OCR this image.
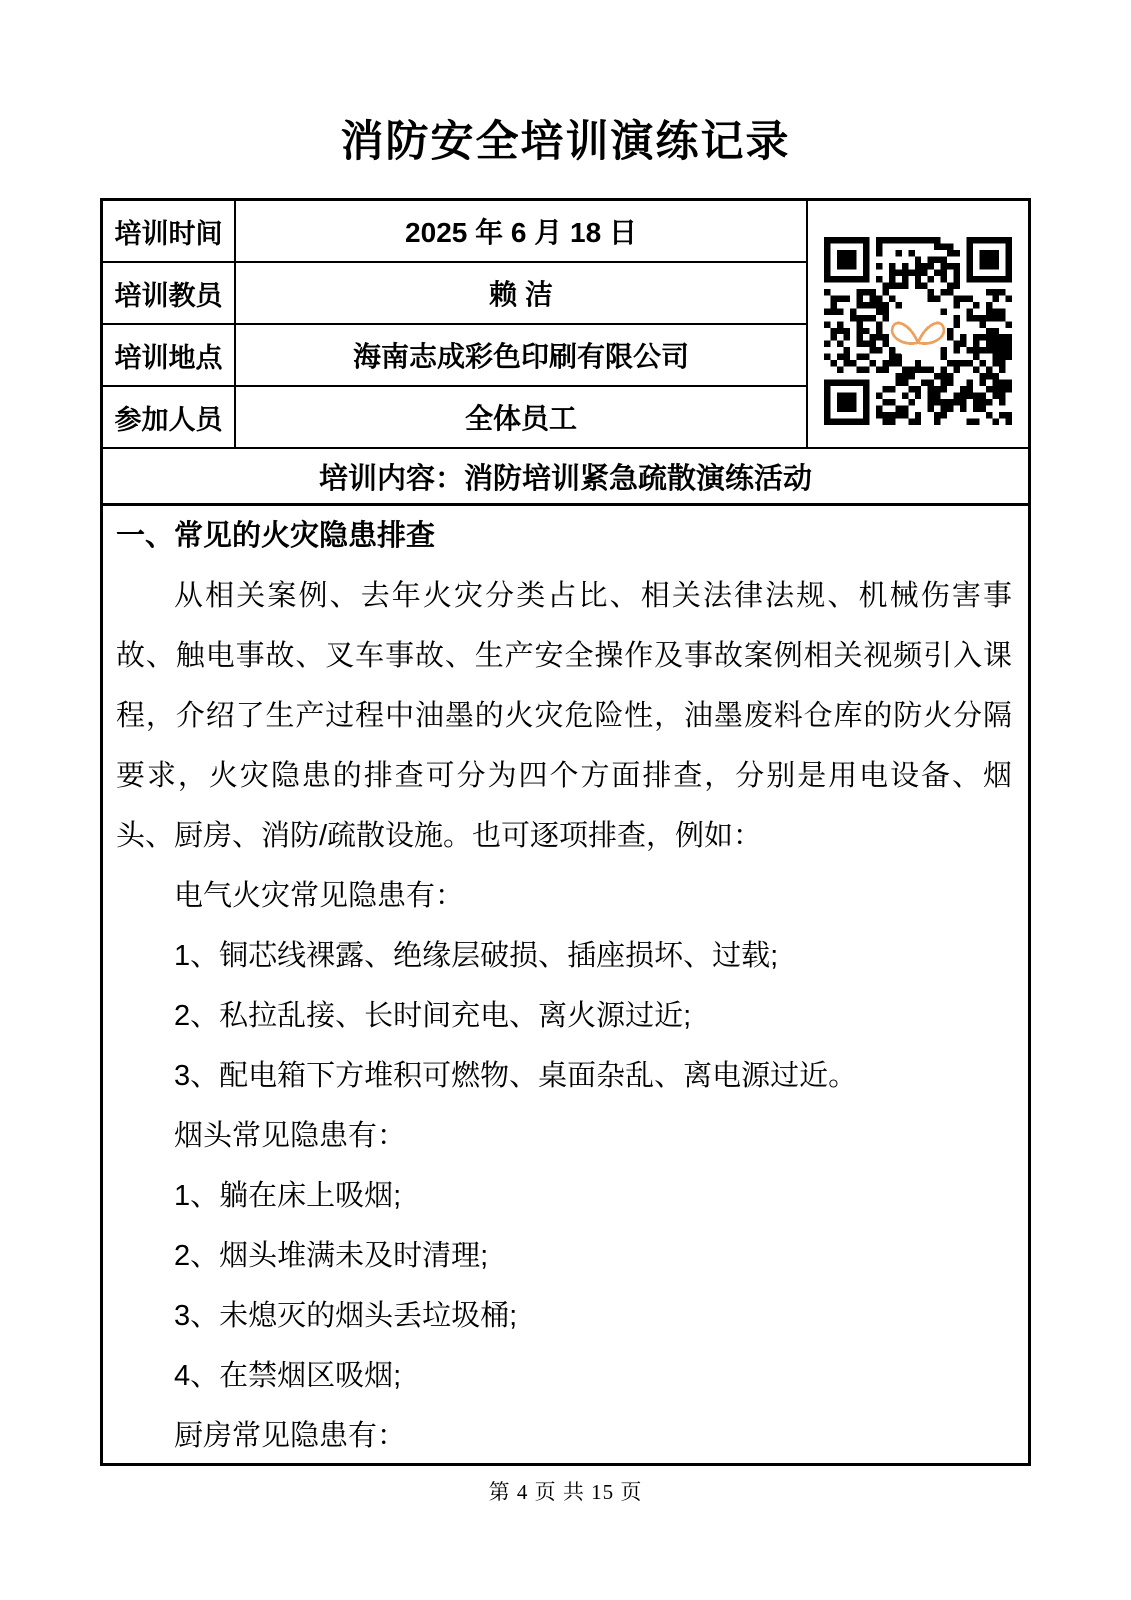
消防安全培训演练记录
培训时间	2025 年 6 月 18 日
培训教员	赖 洁
培训地点	海南志成彩色印刷有限公司
参加人员	全体员工
培训内容：消防培训紧急疏散演练活动
一、常见的火灾隐患排查
从相关案例、去年火灾分类占比、相关法律法规、机械伤害事故、触电事故、叉车事故、生产安全操作及事故案例相关视频引入课程，介绍了生产过程中油墨的火灾危险性，油墨废料仓库的防火分隔要求，火灾隐患的排查可分为四个方面排查，分别是用电设备、烟头、厨房、消防/疏散设施。也可逐项排查，例如：
电气火灾常见隐患有：
1、铜芯线裸露、绝缘层破损、插座损坏、过载;
2、私拉乱接、长时间充电、离火源过近;
3、配电箱下方堆积可燃物、桌面杂乱、离电源过近。
烟头常见隐患有：
1、躺在床上吸烟;
2、烟头堆满未及时清理;
3、未熄灭的烟头丢垃圾桶;
4、在禁烟区吸烟;
厨房常见隐患有：
第 4 页 共 15 页
